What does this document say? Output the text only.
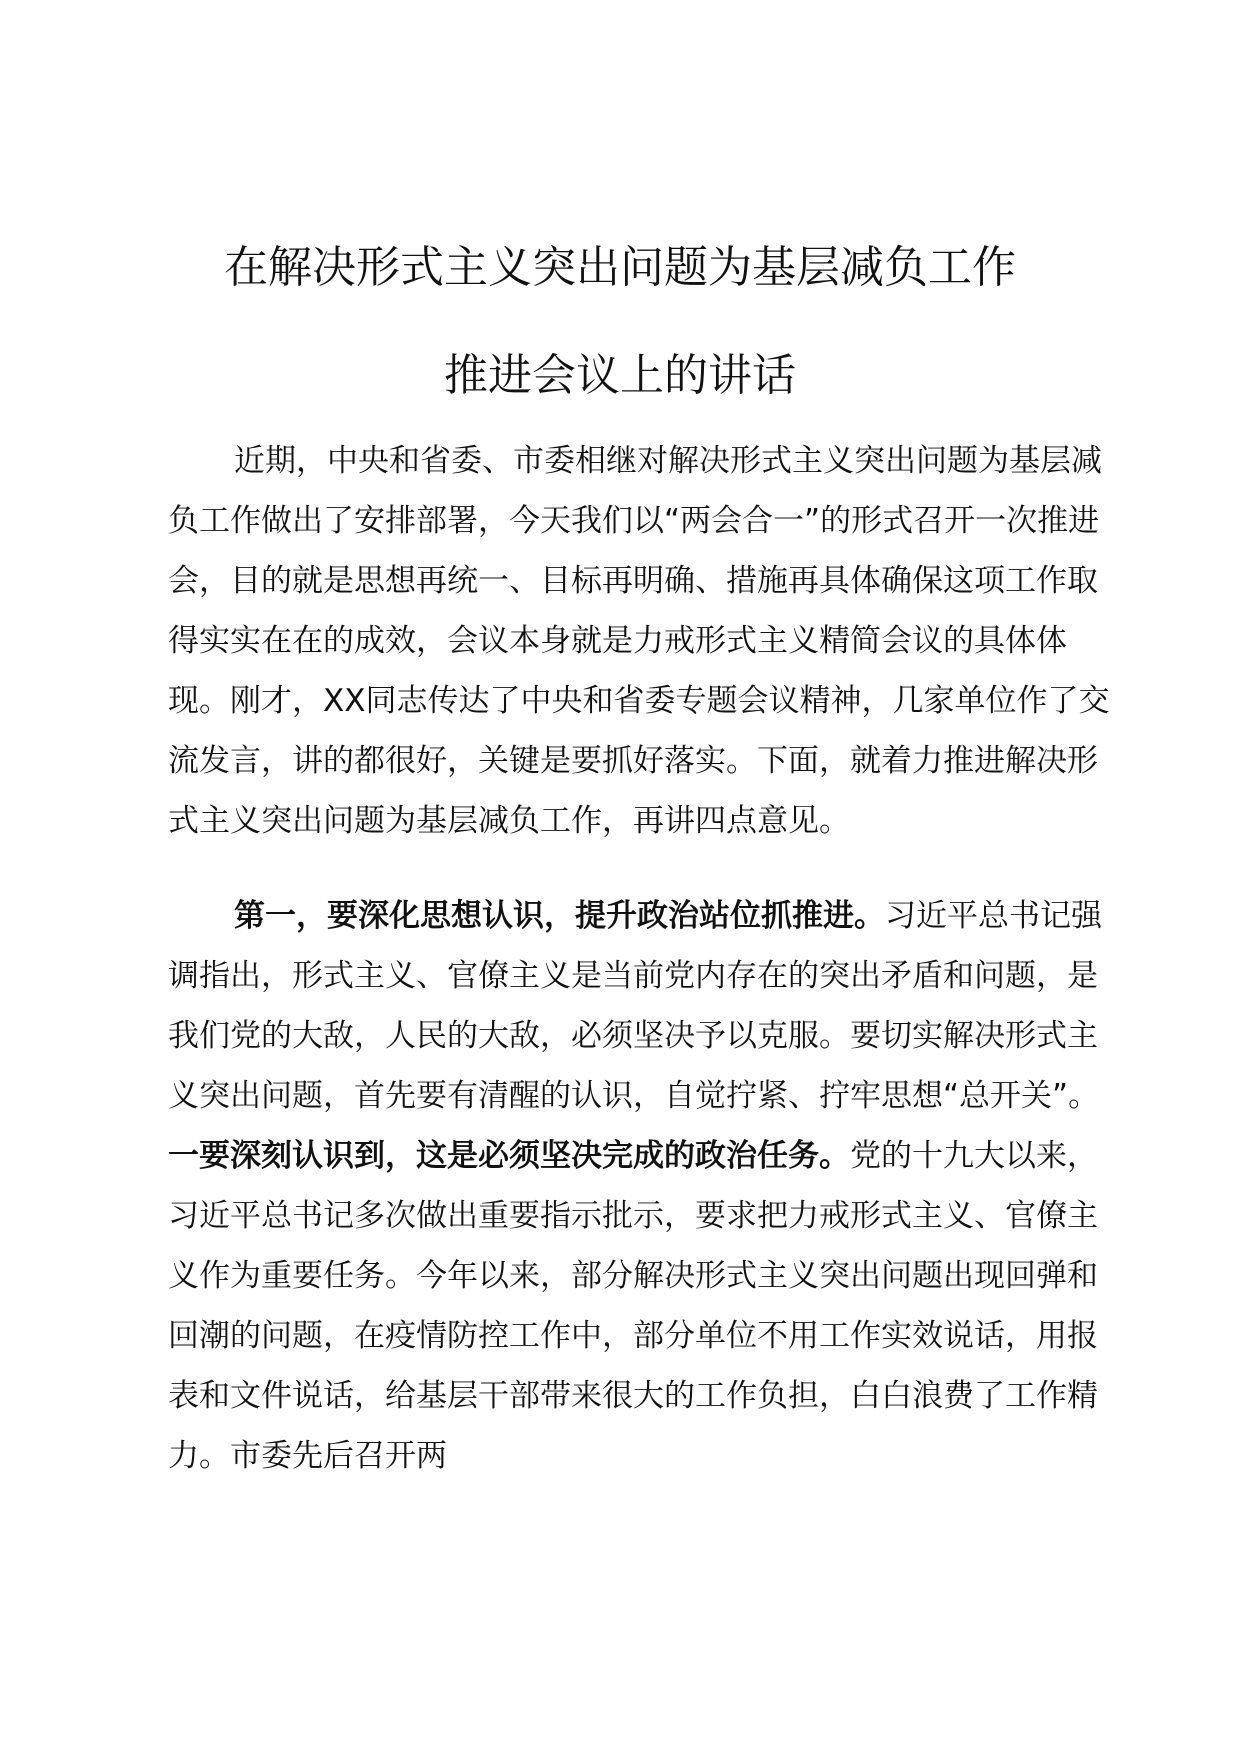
在解决形式主义突出问题为基层减负工作
推进会议上的讲话

近期，中央和省委、市委相继对解决形式主义突出问题为基层减负工作做出了安排部署，今天我们以“两会合一”的形式召开一次推进会，目的就是思想再统一、目标再明确、措施再具体确保这项工作取得实实在在的成效，会议本身就是力戒形式主义精简会议的具体体现。刚才，XX同志传达了中央和省委专题会议精神，几家单位作了交流发言，讲的都很好，关键是要抓好落实。下面，就着力推进解决形式主义突出问题为基层减负工作，再讲四点意见。

第一，要深化思想认识，提升政治站位抓推进。习近平总书记强调指出，形式主义、官僚主义是当前党内存在的突出矛盾和问题，是我们党的大敌，人民的大敌，必须坚决予以克服。要切实解决形式主义突出问题，首先要有清醒的认识，自觉拧紧、拧牢思想“总开关”。一要深刻认识到，这是必须坚决完成的政治任务。党的十九大以来，习近平总书记多次做出重要指示批示，要求把力戒形式主义、官僚主义作为重要任务。今年以来，部分解决形式主义突出问题出现回弹和回潮的问题，在疫情防控工作中，部分单位不用工作实效说话，用报表和文件说话，给基层干部带来很大的工作负担，白白浪费了工作精力。市委先后召开两
